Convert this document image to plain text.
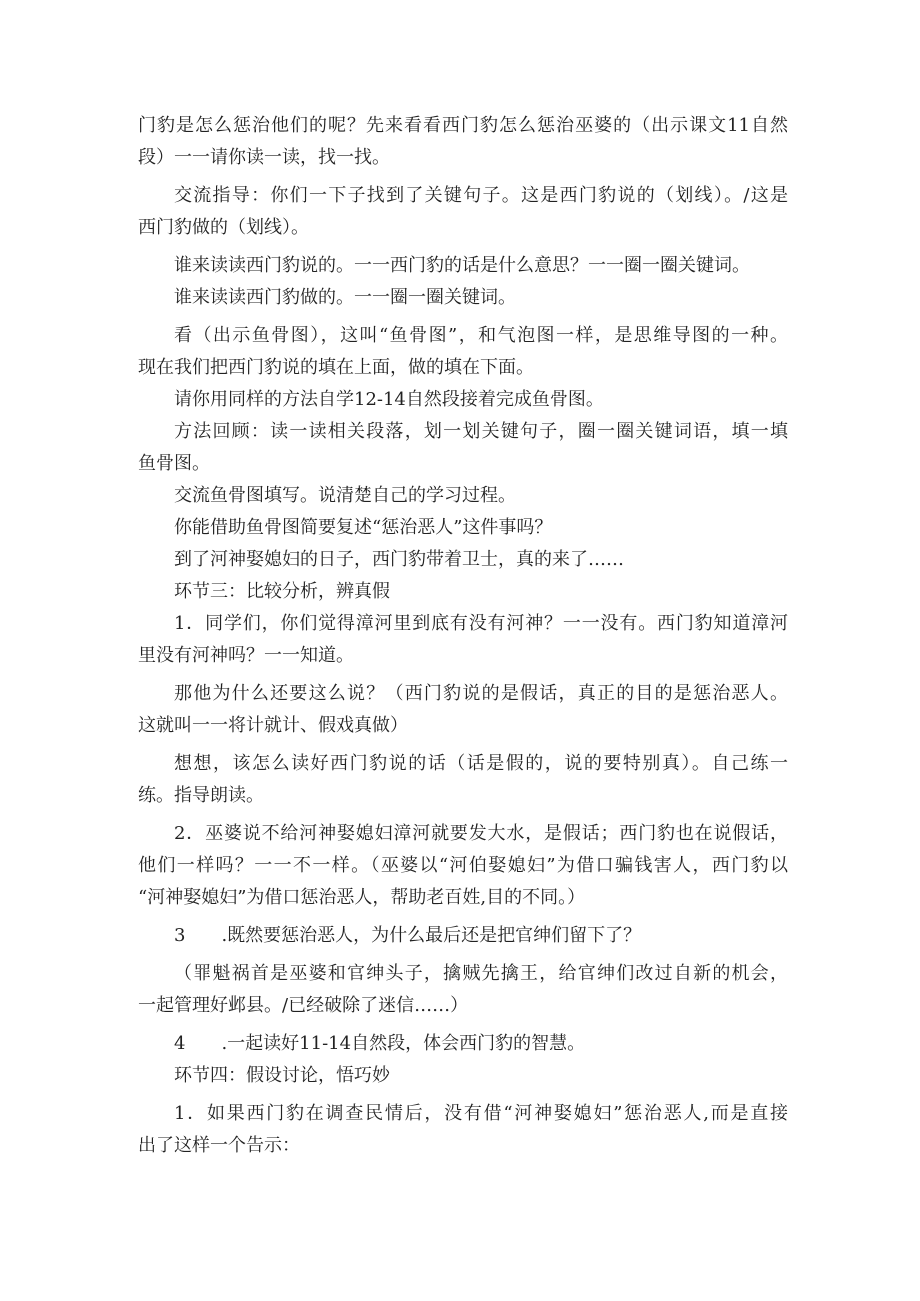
门豹是怎么惩治他们的呢？先来看看西门豹怎么惩治巫婆的（出示课文11自然
段）一一请你读一读，找一找。
交流指导：你们一下子找到了关键句子。这是西门豹说的（划线）。/这是
西门豹做的（划线）。
谁来读读西门豹说的。一一西门豹的话是什么意思？一一圈一圈关键词。
谁来读读西门豹做的。一一圈一圈关键词。
看（出示鱼骨图），这叫“鱼骨图”，和气泡图一样，是思维导图的一种。
现在我们把西门豹说的填在上面，做的填在下面。
请你用同样的方法自学12-14自然段接着完成鱼骨图。
方法回顾：读一读相关段落，划一划关键句子，圈一圈关键词语，填一填
鱼骨图。
交流鱼骨图填写。说清楚自己的学习过程。
你能借助鱼骨图简要复述“惩治恶人”这件事吗？
到了河神娶媳妇的日子，西门豹带着卫士，真的来了……
环节三：比较分析，辨真假
1．同学们，你们觉得漳河里到底有没有河神？一一没有。西门豹知道漳河
里没有河神吗？一一知道。
那他为什么还要这么说？（西门豹说的是假话，真正的目的是惩治恶人。
这就叫一一将计就计、假戏真做）
想想，该怎么读好西门豹说的话（话是假的，说的要特别真）。自己练一
练。指导朗读。
2．巫婆说不给河神娶媳妇漳河就要发大水，是假话；西门豹也在说假话，
他们一样吗？一一不一样。（巫婆以“河伯娶媳妇”为借口骗钱害人，西门豹以
“河神娶媳妇”为借口惩治恶人，帮助老百姓,目的不同。）
3　　.既然要惩治恶人，为什么最后还是把官绅们留下了？
（罪魁祸首是巫婆和官绅头子，擒贼先擒王，给官绅们改过自新的机会，
一起管理好邺县。/已经破除了迷信……）
4　　.一起读好11-14自然段，体会西门豹的智慧。
环节四：假设讨论，悟巧妙
1．如果西门豹在调查民情后，没有借“河神娶媳妇”惩治恶人,而是直接
出了这样一个告示：
